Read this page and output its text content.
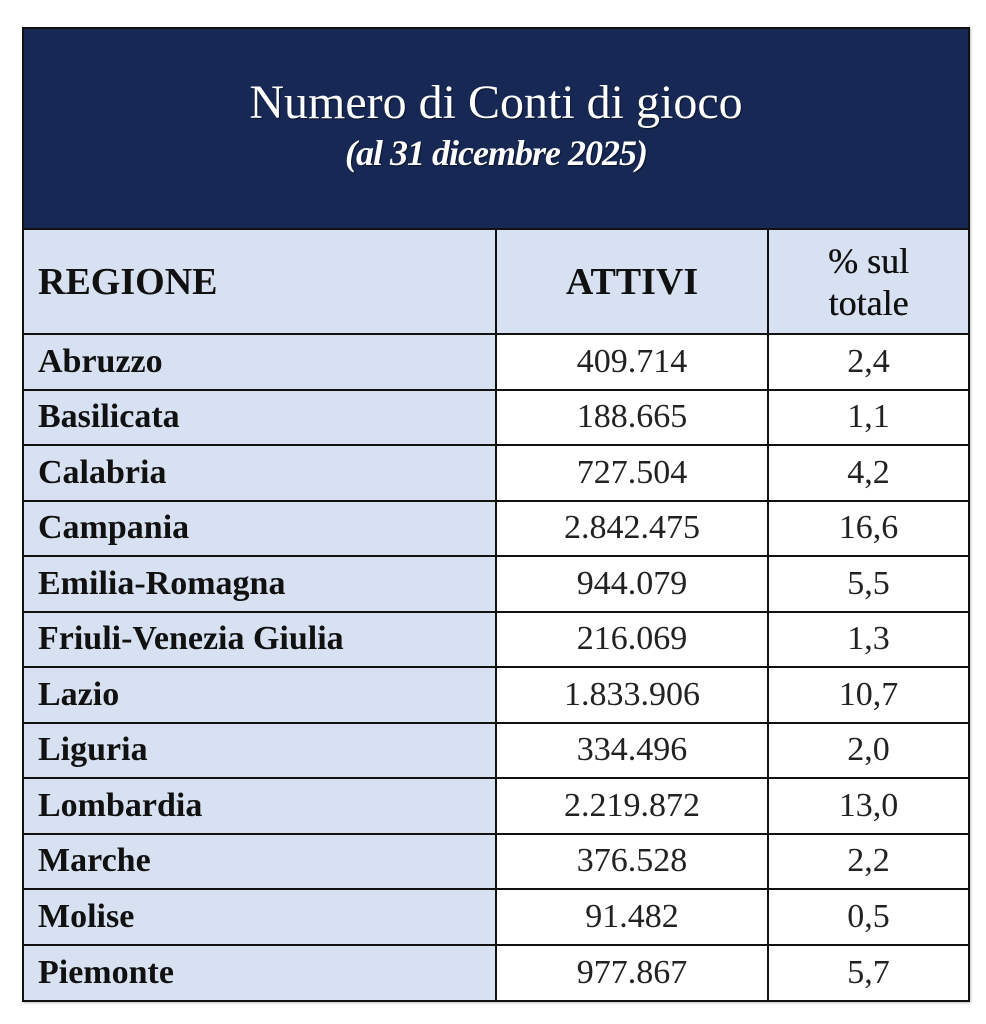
Numero di Conti di gioco
(al 31 dicembre 2025)
REGIONE	ATTIVI	% sul
totale

Abruzzo	409.714	2,4
Basilicata	188.665	1,1
Calabria	727.504	4,2
Campania	2.842.475	16,6
Emilia-Romagna	944.079	5,5
Friuli-Venezia Giulia	216.069	1,3
Lazio	1.833.906	10,7
Liguria	334.496	2,0
Lombardia	2.219.872	13,0
Marche	376.528	2,2
Molise	91.482	0,5
Piemonte	977.867	5,7
